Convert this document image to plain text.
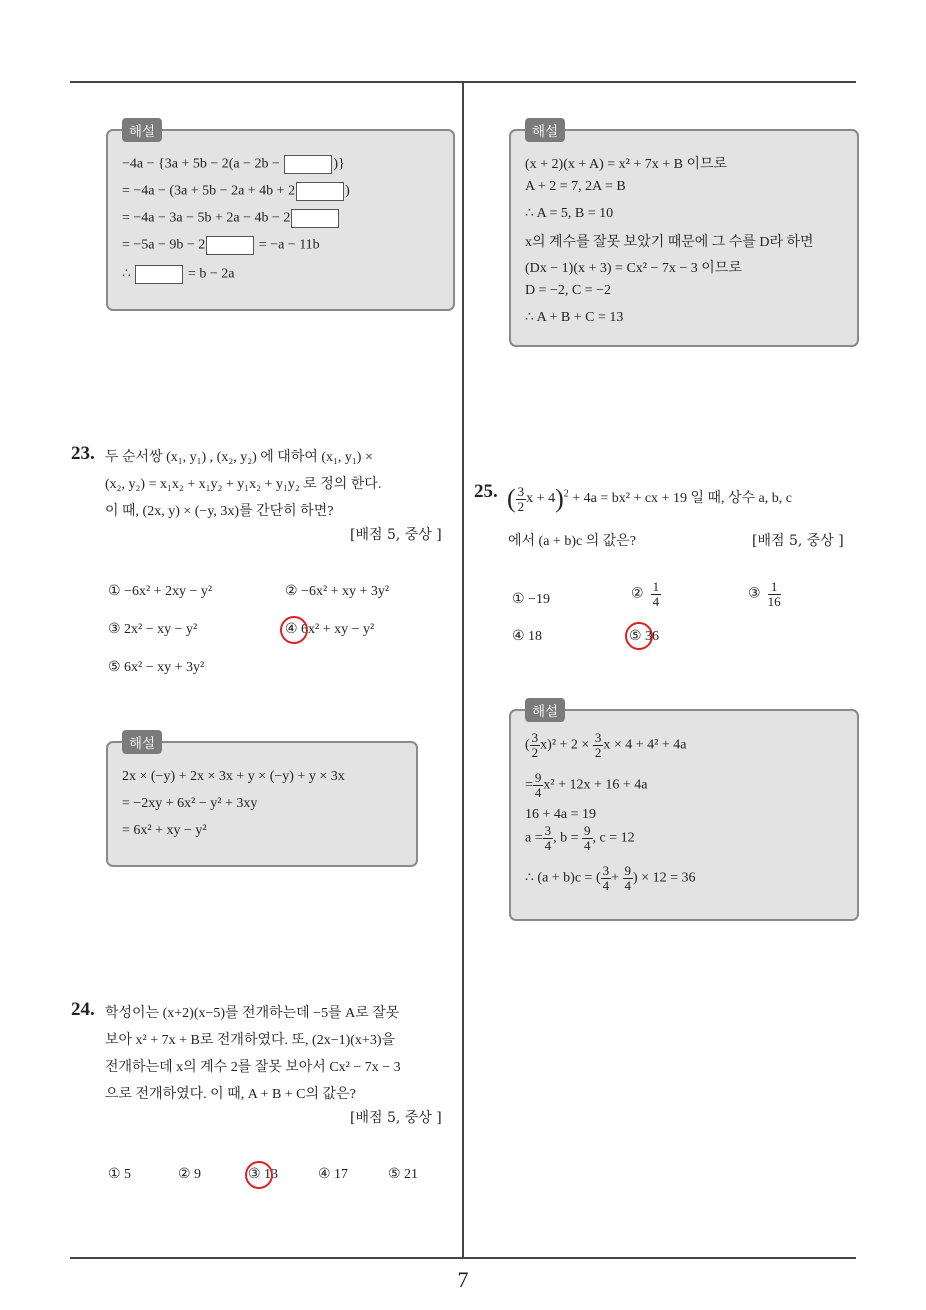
해설
−4a − {3a + 5b − 2(a − 2b −	)}
= −4a − (3a + 5b − 2a + 4b + 2	)
= −4a − 3a − 5b + 2a − 4b − 2
= −5a − 9b − 2	= −a − 11b
∴	= b − 2a
23. 두 순서쌍 (x₁, y₁) , (x₂, y₂) 에 대하여 (x₁, y₁) ×
(x₂, y₂) = x₁x₂ + x₁y₂ + y₁x₂ + y₁y₂ 로 정의 한다.
이 때, (2x, y) × (−y, 3x)를 간단히 하면?
[배점 5, 중상 ]
① −6x² + 2xy − y²	② −6x² + xy + 3y²
③ 2x² − xy − y²	④ 6x² + xy − y²
⑤ 6x² − xy + 3y²
해설
2x × (−y) + 2x × 3x + y × (−y) + y × 3x
= −2xy + 6x² − y² + 3xy
= 6x² + xy − y²
24. 학성이는 (x+2)(x−5)를 전개하는데 −5를 A로 잘못
보아 x² + 7x + B로 전개하였다. 또, (2x−1)(x+3)을
전개하는데 x의 계수 2를 잘못 보아서 Cx² − 7x − 3
으로 전개하였다. 이 때, A + B + C의 값은?
[배점 5, 중상 ]
① 5	② 9	③ 13	④ 17	⑤ 21
해설
(x + 2)(x + A) = x² + 7x + B 이므로
A + 2 = 7, 2A = B
∴ A = 5, B = 10
x의 계수를 잘못 보았기 때문에 그 수를 D라 하면
(Dx − 1)(x + 3) = Cx² − 7x − 3 이므로
D = −2, C = −2
∴ A + B + C = 13
25. ( $\frac{3}{2}$ x + 4)$^2$ + 4a = bx² + cx + 19 일 때, 상수 a, b, c
에서 (a + b)c 의 값은?	[배점 5, 중상 ]
① −19	② $\frac{1}{4}$	③ $\frac{1}{16}$
④ 18	⑤ 36
해설
( $\frac{3}{2} x)^2 + 2 \times \frac{3}{2}$ x × 4 + 4² + 4a
= $\frac{9}{4} x^2 + 12x + 16 + 4a$
16 + 4a = 19
$a = \frac{3}{4}$ , $b = \frac{9}{4}$ , c = 12
∴ (a + b)c = ( $\frac{3}{4} + \frac{9}{4}$ ) × 12 = 36
7
